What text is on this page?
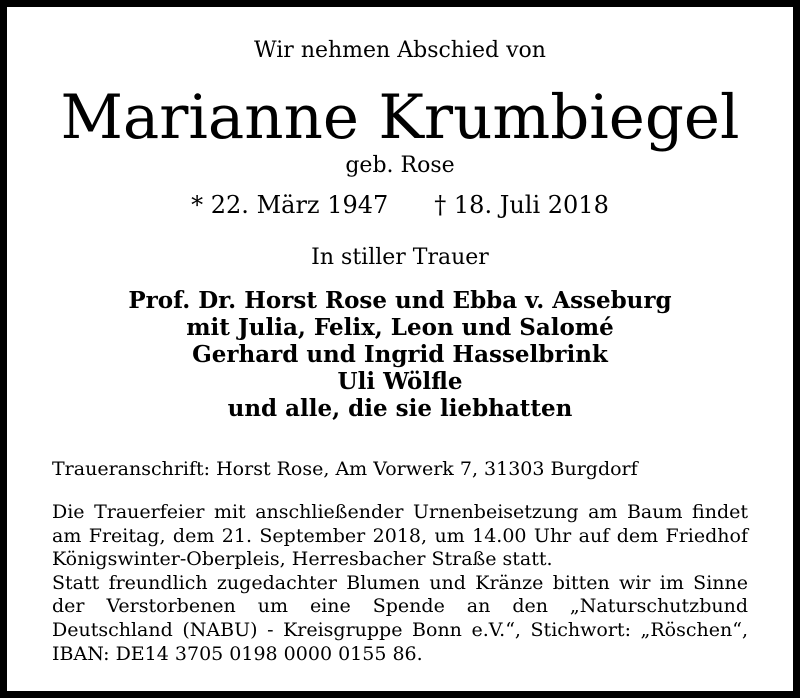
Wir nehmen Abschied von
Marianne Krumbiegel
geb. Rose
* 22. März 1947 † 18. Juli 2018
In stiller Trauer
Prof. Dr. Horst Rose und Ebba v. Asseburg
mit Julia, Felix, Leon und Salomé
Gerhard und Ingrid Hasselbrink
Uli Wölfle
und alle, die sie liebhatten
Traueranschrift: Horst Rose, Am Vorwerk 7, 31303 Burgdorf

Die Trauerfeier mit anschließender Urnenbeisetzung am Baum findet am Freitag, dem 21. September 2018, um 14.00 Uhr auf dem Friedhof Königswinter-Oberpleis, Herresbacher Straße statt.

Statt freundlich zugedachter Blumen und Kränze bitten wir im Sinne der Verstorbenen um eine Spende an den „Naturschutzbund Deutschland (NABU) - Kreisgruppe Bonn e.V.“, Stichwort: „Röschen“, IBAN: DE14 3705 0198 0000 0155 86.
